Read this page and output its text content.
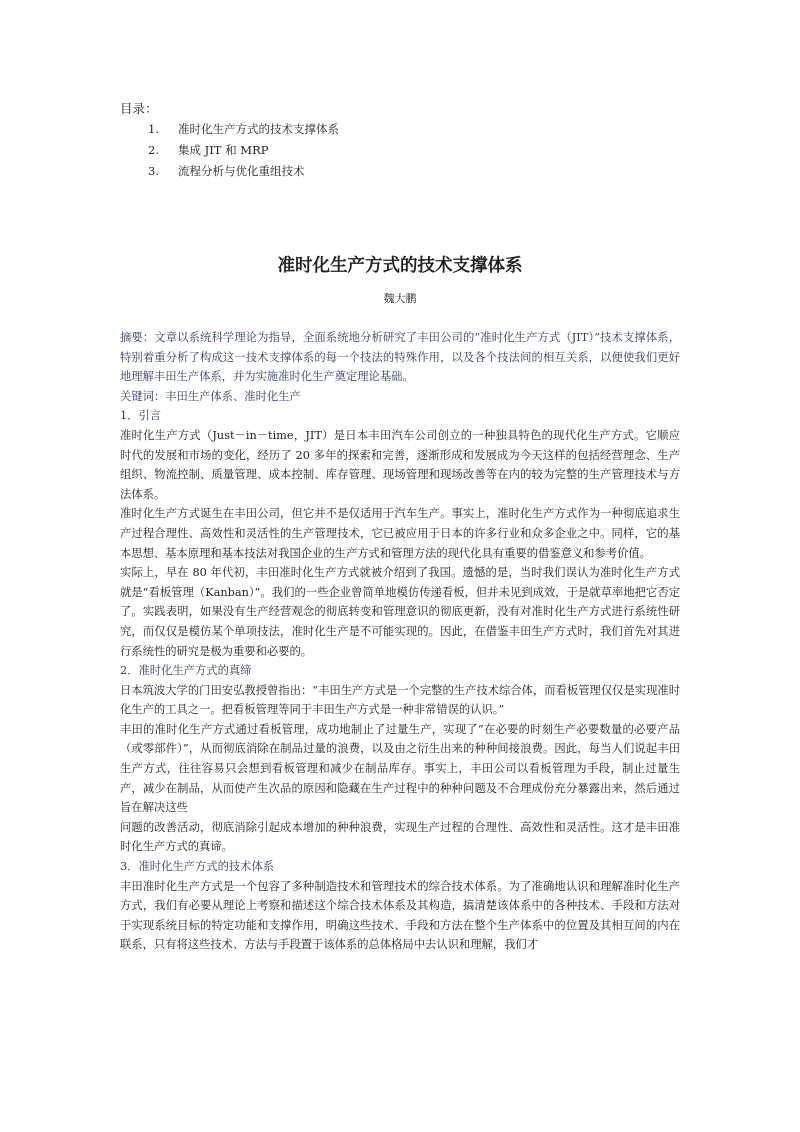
目录：

1.	准时化生产方式的技术支撑体系
2.	集成 JIT 和 MRP
3.	流程分析与优化重组技术
准时化生产方式的技术支撑体系

魏大鹏

摘要：文章以系统科学理论为指导，全面系统地分析研究了丰田公司的“准时化生产方式（JIT）”技术支撑体系，特别着重分析了构成这一技术支撑体系的每一个技法的特殊作用，以及各个技法间的相互关系，以便使我们更好地理解丰田生产体系，并为实施准时化生产奠定理论基础。

关键词：丰田生产体系、准时化生产

1．引言

准时化生产方式（Just－in－time，JIT）是日本丰田汽车公司创立的一种独具特色的现代化生产方式。它顺应时代的发展和市场的变化，经历了 20 多年的探索和完善，逐渐形成和发展成为今天这样的包括经营理念、生产组织、物流控制、质量管理、成本控制、库存管理、现场管理和现场改善等在内的较为完整的生产管理技术与方法体系。

准时化生产方式诞生在丰田公司，但它并不是仅适用于汽车生产。事实上，准时化生产方式作为一种彻底追求生产过程合理性、高效性和灵活性的生产管理技术，它已被应用于日本的许多行业和众多企业之中。同样，它的基本思想、基本原理和基本技法对我国企业的生产方式和管理方法的现代化具有重要的借鉴意义和参考价值。

实际上，早在 80 年代初，丰田准时化生产方式就被介绍到了我国。遗憾的是，当时我们误认为准时化生产方式就是“看板管理（Kanban）”。我们的一些企业曾简单地模仿传递看板，但并未见到成效，于是就草率地把它否定了。实践表明，如果没有生产经营观念的彻底转变和管理意识的彻底更新，没有对准时化生产方式进行系统性研究，而仅仅是模仿某个单项技法，准时化生产是不可能实现的。因此，在借鉴丰田生产方式时，我们首先对其进行系统性的研究是极为重要和必要的。

2．准时化生产方式的真缔

日本筑波大学的门田安弘教授曾指出：“丰田生产方式是一个完整的生产技术综合体，而看板管理仅仅是实现准时化生产的工具之一。把看板管理等同于丰田生产方式是一种非常错误的认识。”

丰田的准时化生产方式通过看板管理，成功地制止了过量生产，实现了“在必要的时刻生产必要数量的必要产品（或零部件）”，从而彻底消除在制品过量的浪费，以及由之衍生出来的种种间接浪费。因此，每当人们说起丰田生产方式，往往容易只会想到看板管理和减少在制品库存。事实上，丰田公司以看板管理为手段，制止过量生产，减少在制品，从而使产生次品的原因和隐藏在生产过程中的种种问题及不合理成份充分暴露出来，然后通过旨在解决这些

问题的改善活动，彻底消除引起成本增加的种种浪费，实现生产过程的合理性、高效性和灵活性。这才是丰田准时化生产方式的真谛。

3．准时化生产方式的技术体系

丰田准时化生产方式是一个包容了多种制造技术和管理技术的综合技术体系。为了准确地认识和理解准时化生产方式，我们有必要从理论上考察和描述这个综合技术体系及其构造，搞清楚该体系中的各种技术、手段和方法对于实现系统目标的特定功能和支撑作用，明确这些技术、手段和方法在整个生产体系中的位置及其相互间的内在联系，只有将这些技术、方法与手段置于该体系的总体格局中去认识和理解，我们才
